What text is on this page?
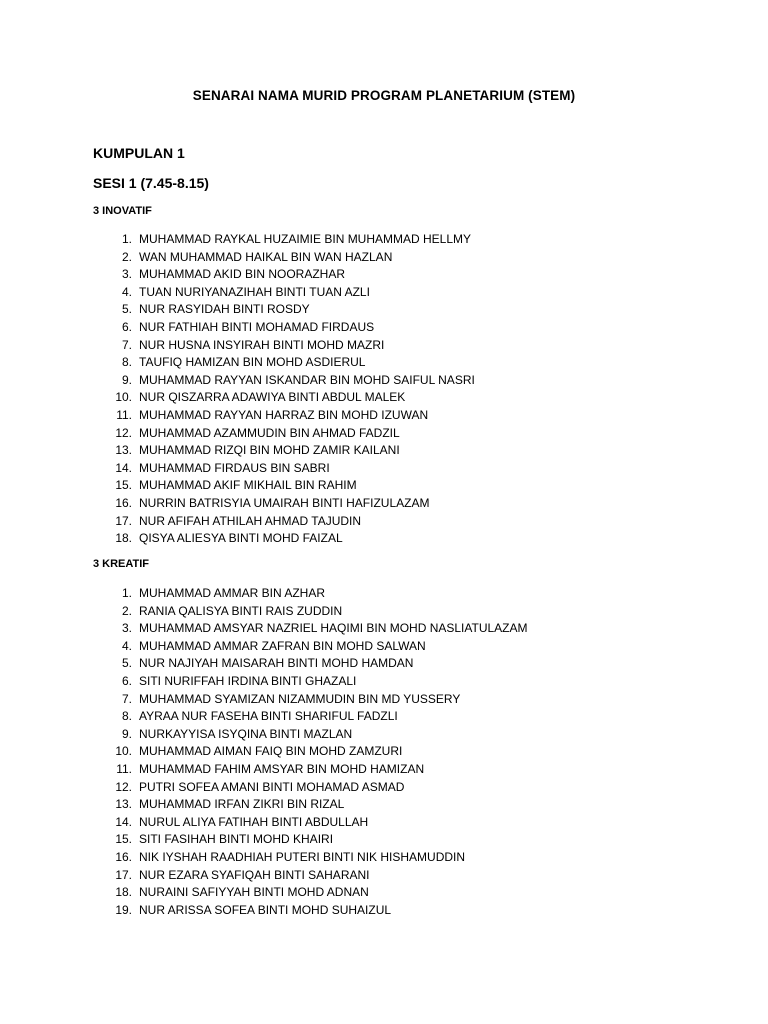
SENARAI NAMA MURID PROGRAM PLANETARIUM (STEM)
KUMPULAN 1
SESI 1 (7.45-8.15)
3 INOVATIF
1. MUHAMMAD RAYKAL HUZAIMIE BIN MUHAMMAD HELLMY
2. WAN MUHAMMAD HAIKAL BIN WAN HAZLAN
3. MUHAMMAD AKID BIN NOORAZHAR
4. TUAN NURIYANAZIHAH BINTI TUAN AZLI
5. NUR RASYIDAH BINTI ROSDY
6. NUR FATHIAH BINTI MOHAMAD FIRDAUS
7. NUR HUSNA INSYIRAH BINTI MOHD MAZRI
8. TAUFIQ HAMIZAN BIN MOHD ASDIERUL
9. MUHAMMAD RAYYAN ISKANDAR BIN MOHD SAIFUL NASRI
10. NUR QISZARRA ADAWIYA BINTI ABDUL MALEK
11. MUHAMMAD RAYYAN HARRAZ BIN MOHD IZUWAN
12. MUHAMMAD AZAMMUDIN BIN AHMAD FADZIL
13. MUHAMMAD RIZQI BIN MOHD ZAMIR KAILANI
14. MUHAMMAD FIRDAUS BIN SABRI
15. MUHAMMAD AKIF MIKHAIL BIN RAHIM
16. NURRIN BATRISYIA UMAIRAH BINTI HAFIZULAZAM
17. NUR AFIFAH ATHILAH AHMAD TAJUDIN
18. QISYA ALIESYA BINTI MOHD FAIZAL
3 KREATIF
1. MUHAMMAD AMMAR BIN AZHAR
2. RANIA QALISYA BINTI RAIS ZUDDIN
3. MUHAMMAD AMSYAR NAZRIEL HAQIMI BIN MOHD NASLIATULAZAM
4. MUHAMMAD AMMAR ZAFRAN BIN MOHD SALWAN
5. NUR NAJIYAH MAISARAH BINTI MOHD HAMDAN
6. SITI NURIFFAH IRDINA BINTI GHAZALI
7. MUHAMMAD SYAMIZAN NIZAMMUDIN BIN MD YUSSERY
8. AYRAA NUR FASEHA BINTI SHARIFUL FADZLI
9. NURKAYYISA ISYQINA BINTI MAZLAN
10. MUHAMMAD AIMAN FAIQ BIN MOHD ZAMZURI
11. MUHAMMAD FAHIM AMSYAR BIN MOHD HAMIZAN
12. PUTRI SOFEA AMANI BINTI MOHAMAD ASMAD
13. MUHAMMAD IRFAN ZIKRI BIN RIZAL
14. NURUL ALIYA FATIHAH BINTI ABDULLAH
15. SITI FASIHAH BINTI MOHD KHAIRI
16. NIK IYSHAH RAADHIAH PUTERI BINTI NIK HISHAMUDDIN
17. NUR EZARA SYAFIQAH BINTI SAHARANI
18. NURAINI SAFIYYAH BINTI MOHD ADNAN
19. NUR ARISSA SOFEA BINTI MOHD SUHAIZUL
